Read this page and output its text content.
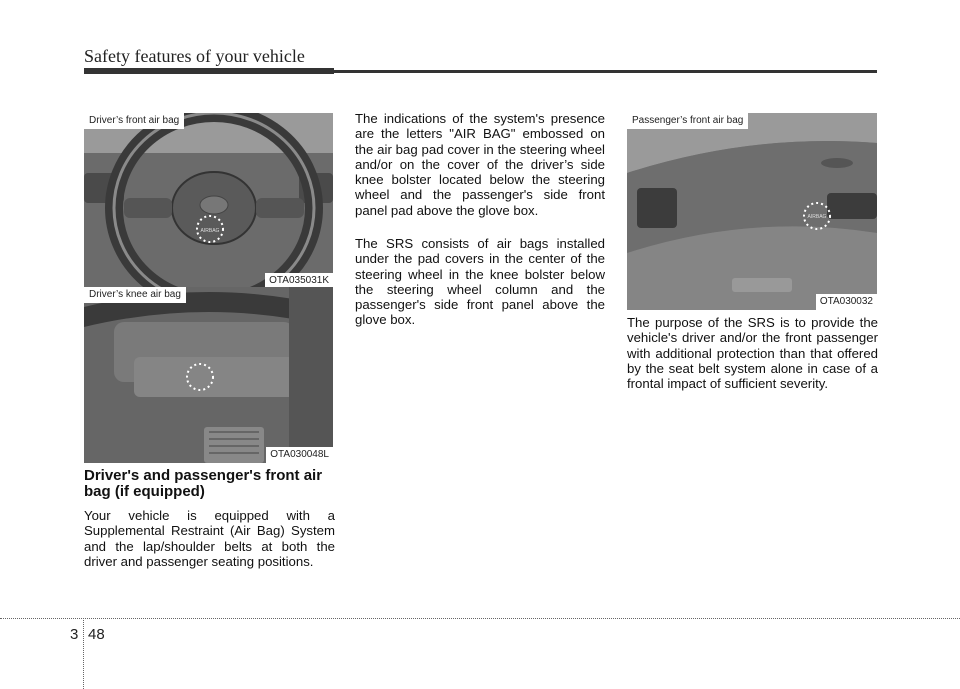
Safety features of your vehicle
AIRBAG
Driver’s front air bag
OTA035031K
Driver’s knee air bag
OTA030048L
AIRBAG
Passenger’s front air bag
OTA030032
Driver's and passenger's front air bag (if equipped)

Your vehicle is equipped with a Supplemental Restraint (Air Bag) System and the lap/shoulder belts at both the driver and passenger seating positions.

The indications of the system's presence are the letters "AIR BAG" embossed on the air bag pad cover in the steering wheel and/or on the cover of the driver’s side knee bolster located below the steering wheel and the passenger's side front panel pad above the glove box.

The SRS consists of air bags installed under the pad covers in the center of the steering wheel in the knee bolster below the steering wheel column and the passenger's side front panel above the glove box.	The purpose of the SRS is to provide the vehicle's driver and/or the front passenger with additional protection than that offered by the seat belt system alone in case of a frontal impact of sufficient severity.

3 48
